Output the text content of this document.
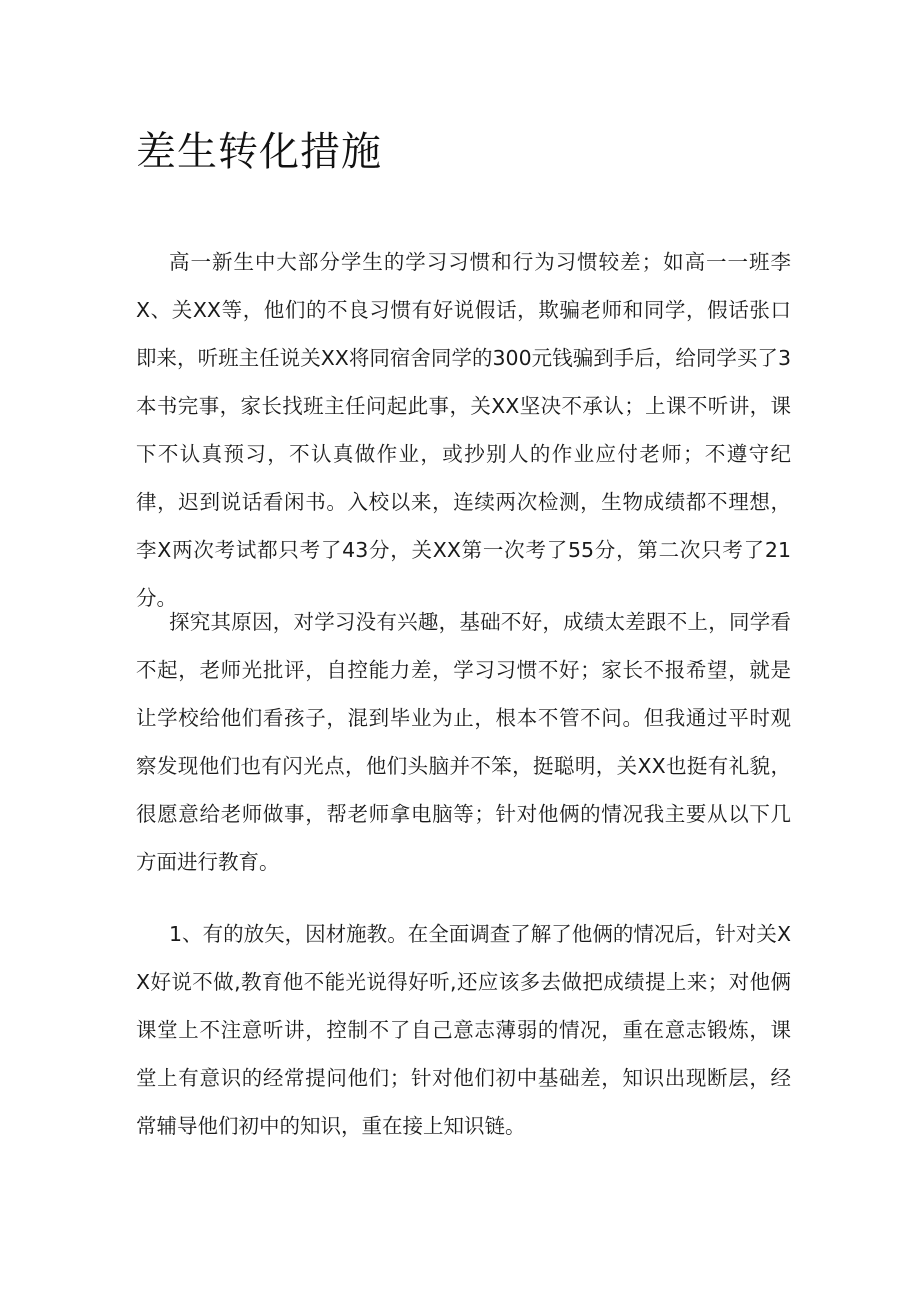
差生转化措施

高一新生中大部分学生的学习习惯和行为习惯较差；如高一一班李X、关XX等，他们的不良习惯有好说假话，欺骗老师和同学，假话张口即来，听班主任说关XX将同宿舍同学的300元钱骗到手后，给同学买了3本书完事，家长找班主任问起此事，关XX坚决不承认；上课不听讲，课下不认真预习，不认真做作业，或抄别人的作业应付老师；不遵守纪律，迟到说话看闲书。入校以来，连续两次检测，生物成绩都不理想，李X两次考试都只考了43分，关XX第一次考了55分，第二次只考了21分。

探究其原因，对学习没有兴趣，基础不好，成绩太差跟不上，同学看不起，老师光批评，自控能力差，学习习惯不好；家长不报希望，就是让学校给他们看孩子，混到毕业为止，根本不管不问。但我通过平时观察发现他们也有闪光点，他们头脑并不笨，挺聪明，关XX也挺有礼貌，很愿意给老师做事，帮老师拿电脑等；针对他俩的情况我主要从以下几方面进行教育。

1、有的放矢，因材施教。在全面调查了解了他俩的情况后，针对关XX好说不做,教育他不能光说得好听,还应该多去做把成绩提上来；对他俩课堂上不注意听讲，控制不了自己意志薄弱的情况，重在意志锻炼，课堂上有意识的经常提问他们；针对他们初中基础差，知识出现断层，经常辅导他们初中的知识，重在接上知识链。
